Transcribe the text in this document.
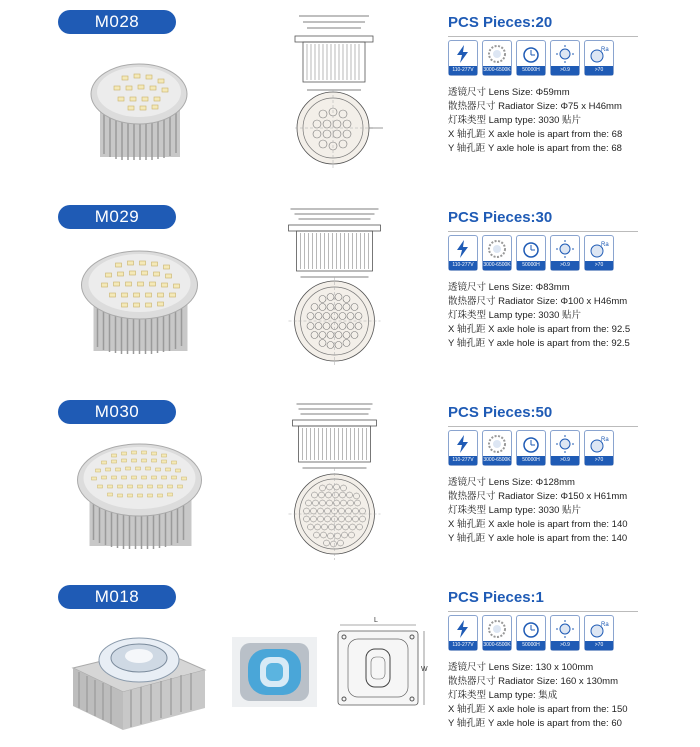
M028	PCS Pieces:20
110-277V	3000-6500K	50000H	>0.9
Ra
>70
透镜尺寸 Lens Size: Φ59mm
散热器尺寸 Radiator Size: Φ75 x H46mm
灯珠类型 Lamp type: 3030 贴片
X 轴孔距 X axle hole is apart from the: 68
Y 轴孔距 Y axle hole is apart from the: 68
M029	PCS Pieces:30
110-277V	3000-6500K	50000H	>0.9
Ra
>70
透镜尺寸 Lens Size: Φ83mm
散热器尺寸 Radiator Size: Φ100 x H46mm
灯珠类型 Lamp type: 3030 贴片
X 轴孔距 X axle hole is apart from the: 92.5
Y 轴孔距 Y axle hole is apart from the: 92.5
M030	PCS Pieces:50
110-277V	3000-6500K	50000H	>0.9
Ra
>70
透镜尺寸 Lens Size: Φ128mm
散热器尺寸 Radiator Size: Φ150 x H61mm
灯珠类型 Lamp type: 3030 贴片
X 轴孔距 X axle hole is apart from the: 140
Y 轴孔距 Y axle hole is apart from the: 140
M018
L
W
PCS Pieces:1
110-277V	3000-6500K	50000H	>0.9
Ra
>70
透镜尺寸 Lens Size: 130 x 100mm
散热器尺寸 Radiator Size: 160 x 130mm
灯珠类型 Lamp type: 集成
X 轴孔距 X axle hole is apart from the: 150
Y 轴孔距 Y axle hole is apart from the: 60
